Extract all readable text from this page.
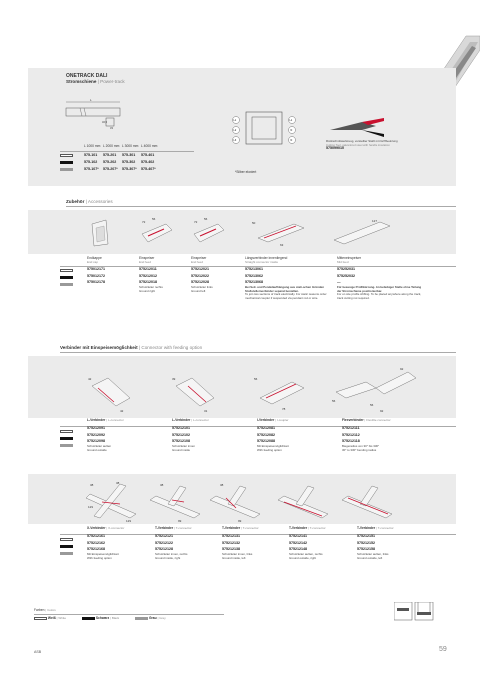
ONETRACK DALI
Stromschiene | Power-track
L
33
32,5
L1
L2
L3
L1
N
N	Rückschnittwerkzeug, verstellter Stahl mit Griffbeutzung
Cutting Tool, galvanized steel with handle insulation
575099010
L 1000 mm L 2000 mm L 3000 mm L 4000 mm
575-101 575-201 575-301 575-401
575-102 575-202 575-302 575-402
575-107* 575-207* 575-307* 575-407*
*Silber eloxiert
Zubehör | Accessories
56
72
56
72	50
63
127
Endkappe
End cap
575012171
575012172
575012178
Einspeiser
End feed
575212011
575212012
575212018
Schutzleiter rechts
Ground right
Einspeiser
End feed
575212021
575212022
575212028
Schutzleiter links
Ground left
Längsverbinder innenliegend
Straight connector inside
575213061
575213062
575213068
Bei Seil- und Pendelaufhängung aus stati-schen Gründen Stoßstellenverbinder separat bestellen.
To join two sections of track electrically. For static reasons order mechanical coupler if suspended via pendant rod or wire.
Mitteneinspeiser
Mid feed
575252031
575252032
—
Für beassige Profilkürzung. An beliebiger Stelle ohne Teilung der Stromschiene positionierbar.
For on site profile shifting. To be placed anywhere along the track, track cutting not required.
Verbinder mit Einspeisemöglichkeit | Connector with feeding option
42
42
39
31
56
78
56
56
92
92
L-Verbinder | L-connector
575212091
575212092
575212098
Schutzleiter außen
Ground outside
L-Verbinder | L-connector
575212101
575212102
575212108
Schutzleiter innen
Ground inside
I-Verbinder | I-coupler
575212081
575212082
575212088
Mit Einspeisemöglichkeit
With feeding option
Flexverbinder | Flexible connector
575212111
575212112
575212118
Biegeradius von 30° bis 330°
30° to 330° bending radius
38	38
129
129
38
99
38
99
X-Verbinder | X-connector
575212161
575212162
575212168
Mit Einspeisemöglichkeit
With feeding option
T-Verbinder | T-connector
575212121
575212122
575212128
Schutzleiter innen, rechts
Ground inside, right
T-Verbinder | T-connector
575212131
575212132
575212138
Schutzleiter innen, links
Ground inside, left
T-Verbinder | T-connector
575212141
575212142
575212148
Schutzleiter außen, rechts
Ground outside, right
T-Verbinder | T-connector
575212151
575212152
575212158
Schutzleiter außen, links
Ground outside, left
Farben | Colors
Weiß | White	Schwarz | Black	Grau | Grey
ASB	59
